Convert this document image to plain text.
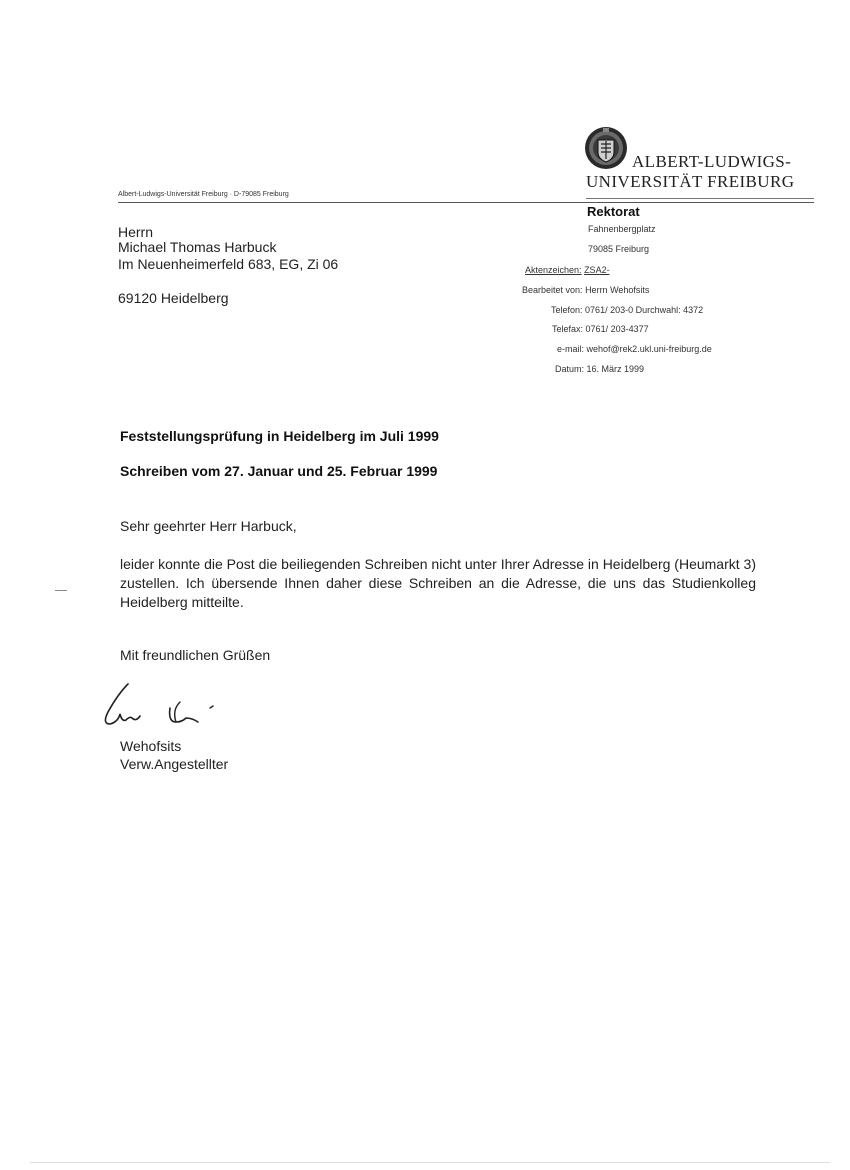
ALBERT-LUDWIGS-
UNIVERSITÄT FREIBURG
Albert-Ludwigs-Universität Freiburg · D-79085 Freiburg
Herrn
Michael Thomas Harbuck
Im Neuenheimerfeld 683, EG, Zi 06
69120 Heidelberg
Rektorat
Fahnenbergplatz
79085 Freiburg
Aktenzeichen: ZSA2-
Bearbeitet von: Herrn Wehofsits
Telefon: 0761/ 203-0 Durchwahl: 4372
Telefax: 0761/ 203-4377
e-mail: wehof@rek2.ukl.uni-freiburg.de
Datum: 16. März 1999
Feststellungsprüfung in Heidelberg im Juli 1999
Schreiben vom 27. Januar und 25. Februar 1999
Sehr geehrter Herr Harbuck,
leider konnte die Post die beiliegenden Schreiben nicht unter Ihrer Adresse in Heidelberg (Heumarkt 3) zustellen. Ich übersende Ihnen daher diese Schreiben an die Adresse, die uns das Studienkolleg Heidelberg mitteilte.
Mit freundlichen Grüßen
Wehofsits
Verw.Angestellter
